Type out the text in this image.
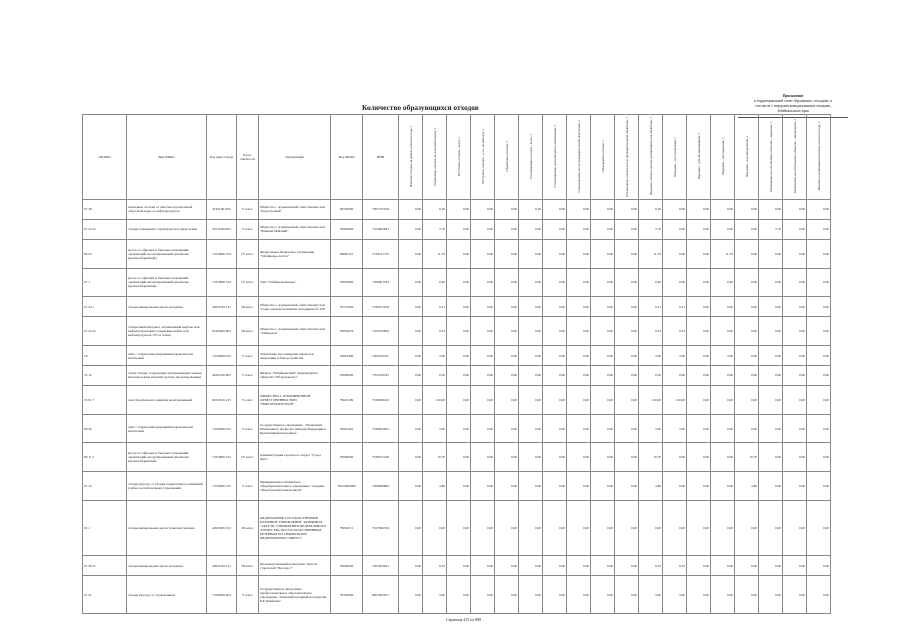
Приложение
к территориальной схеме обращения с отходами, в
том числе с твердыми коммунальными отходами,
Забайкальского края
Количество образующихся отходов
ОКТМО	Вид ФККО	Код вида отхода	Класс опасности	Организация	Код ОКПО	ИНН	Наличие отходов на начало отчетного года, т	Образовано отходов за отчетный период, т	Поступило отходов - всего, т	Поступило отходов - в т.ч. по импорту, т	Обработано отходов, т	Утилизировано отходов - всего, т	Утилизировано для повторного применения, т	Утилизировано после предварительной подготовки, т	Обезврежено отходов, т	Обезврежено отходов после предварительной обработки, т	Передано отходов другим организациям для обработки, т	Передано - для утилизации, т	Передано - для обезвреживания, т	Передано - для хранения, т	Передано - для захоронения, т	Размещение на собственных объектах - хранение, т	Размещение на собственных объектах - захоронение, т	Наличие в организации на конец отчетного года, т
07 28	шламовые остатки от очистки оросительной оборотной воды от нефтепродуктов	31621001105	V класс	Общество с ограниченной ответственностью "Кадастровый"	28703000	7505747010	0,00	0,10	0,00	0,00	0,00	0,10	0,00	0,00	0,00	0,00	0,10	0,00	0,00	0,00	0,00	0,00	0,00	0,00
07 24 41	отходы плавильного производства в виде шлака	43511002293	V класс	Общество с ограниченной ответственностью "Южный Майский"	79685000	7524002841	0,00	5,70	0,00	0,00	0,00	0,00	0,00	0,00	0,00	0,00	5,70	0,00	0,00	0,00	0,00	5,70	0,00	0,00
86 22	мусор от офисных и бытовых помещений организаций несортированный (исключая крупногабаритный)	73310001724	IV класс	Федеральное бюджетное учреждение "Забайкалье-лесхоз"	28620131	7519741735	0,00	11,10	0,00	0,00	0,00	0,00	0,00	0,00	0,00	0,00	11,10	0,00	0,00	11,10	0,00	0,00	0,00	0,00
07 1	мусор от офисных и бытовых помещений организаций несортированный (исключая крупногабаритный)	73310001724	IV класс	ЗАО "Забайкалкомплекс"	79652000	7500001184	0,00	0,40	0,00	0,00	0,00	0,00	0,00	0,00	0,00	0,00	0,40	0,00	0,00	0,40	0,00	0,00	0,00	0,00
07 24 1	отходы минеральных масел моторных	40611001313	III класс	Общество с ограниченной ответственностью "Горно-производственная экспедиция № 324"	79121000	7536101679	0,00	0,11	0,00	0,00	0,00	0,00	0,00	0,00	0,00	0,00	0,11	0,11	0,00	0,00	0,00	0,00	0,00	0,00
07 24 41	обтирочный материал, загрязненный нефтью или нефтепродуктами (содержание нефти или нефтепродуктов 15% и более)	91920401603	III класс	Общество с ограниченной ответственностью "Забирадок"	79659479	7524100804	0,00	0,53	0,00	0,00	0,00	0,00	0,00	0,00	0,00	0,00	0,53	0,53	0,00	0,00	0,00	0,00	0,00	0,00
16	смет с территории предприятия практически неопасный	73339002725	V класс	Управление пассажирских перевозок, энергетики и благоустройства	79661400	7505343327	0,00	2,00	0,00	0,00	0,00	0,00	0,00	0,00	0,00	0,00	2,00	2,00	0,00	2,00	0,00	0,00	0,00	0,00
35 12	лом и отходы, содержащие незагрязненные черные металлы в виде изделий, кусков, несортированные	46101001205	V класс	Филиал "Забайкальский" Акционерного общества "Оборонэнерго"	79690000	7704726225	0,00	0,50	0,00	0,00	0,00	0,00	0,00	0,00	0,00	0,00	0,50	0,00	0,00	0,00	0,00	0,00	0,00	0,00
33 01 7	лом строительного кирпича незагрязненный	82310101215	V класс	ОБЩЕСТВО С ОГРАНИЧЕННОЙ ОТВЕТСТВЕННОСТЬЮ "НОРГАЙДЭНСТРОЙ"	79621109	7530009410	0,00	120,00	0,00	0,00	0,00	0,00	0,00	0,00	0,00	0,00	120,00	120,00	0,00	0,00	0,00	0,00	0,00	0,00
86 20	смет с территории предприятия практически неопасный	73339002725	V класс	Государственное учреждение - Управление Пенсионного фонда Российской Федерации в Красночикойском районе	79661401	7536002061	0,00	5,00	0,00	0,00	0,00	0,00	0,00	0,00	0,00	0,00	5,00	5,00	0,00	0,00	0,00	0,00	0,00	0,00
86 11 5	мусор от офисных и бытовых помещений организаций несортированный (исключая крупногабаритный)	73310001724	IV класс	Администрация городского округа "Город Чита"	79640000	7536031229	0,00	10,70	0,00	0,00	0,00	0,00	0,00	0,00	0,00	0,00	10,70	0,00	0,00	0,00	10,70	0,00	0,00	0,00
07 14	отходы (мусор) от уборки территории и помещений учебно-воспитательных учреждений	73730001725	V класс	Муниципальное бюджетное общеобразовательное учреждение "Средняя общеобразовательная школа"	78123000000	7508006865	0,00	2,86	0,00	0,00	0,00	0,00	0,00	0,00	0,00	0,00	2,86	0,00	0,00	0,00	2,86	0,00	0,00	0,00
02 1	отходы минеральных масел трансмиссионных	40615001313	III класс	ФЕДЕРАЛЬНОЕ ГОСУДАРСТВЕННОЕ КАЗЕННОЕ УЧРЕЖДЕНИЕ "КОМБИНАТ "АРГУТЬ" УПРАВЛЕНИЯ ФЕДЕРАЛЬНОГО АГЕНТСТВА ПО ГОСУДАРСТВЕННЫМ РЕЗЕРВАМ ПО СИБИРСКОМУ ФЕДЕРАЛЬНОМУ ОКРУГУ	79654711	7527062334	0,00	0,00	0,00	0,00	0,00	0,00	0,00	0,00	0,00	0,00	0,00	0,00	0,00	0,00	0,00	0,00	0,00	0,00
07 28 41	отходы минеральных масел моторных	40611001313	III класс	Производственный кооператив "Артель старателей "Прогресс"	79650000	7507003621	0,00	0,52	0,00	0,00	0,00	0,00	0,00	0,00	0,00	0,00	0,52	0,52	0,00	0,00	0,00	0,00	0,00	0,00
21 21	отходы (мусор) от строительных	73230001204	V класс	Государственное автономное профессиональное образовательное учреждение "Агинский аграрный колледж им. Б.Р. Бимбаева"	78162000	8001002871	0,00	5,00	0,00	0,00	0,00	0,00	0,00	0,00	0,00	0,00	5,00	5,00	0,00	0,00	0,00	0,00	0,00	0,00
Страница 415 из 808
